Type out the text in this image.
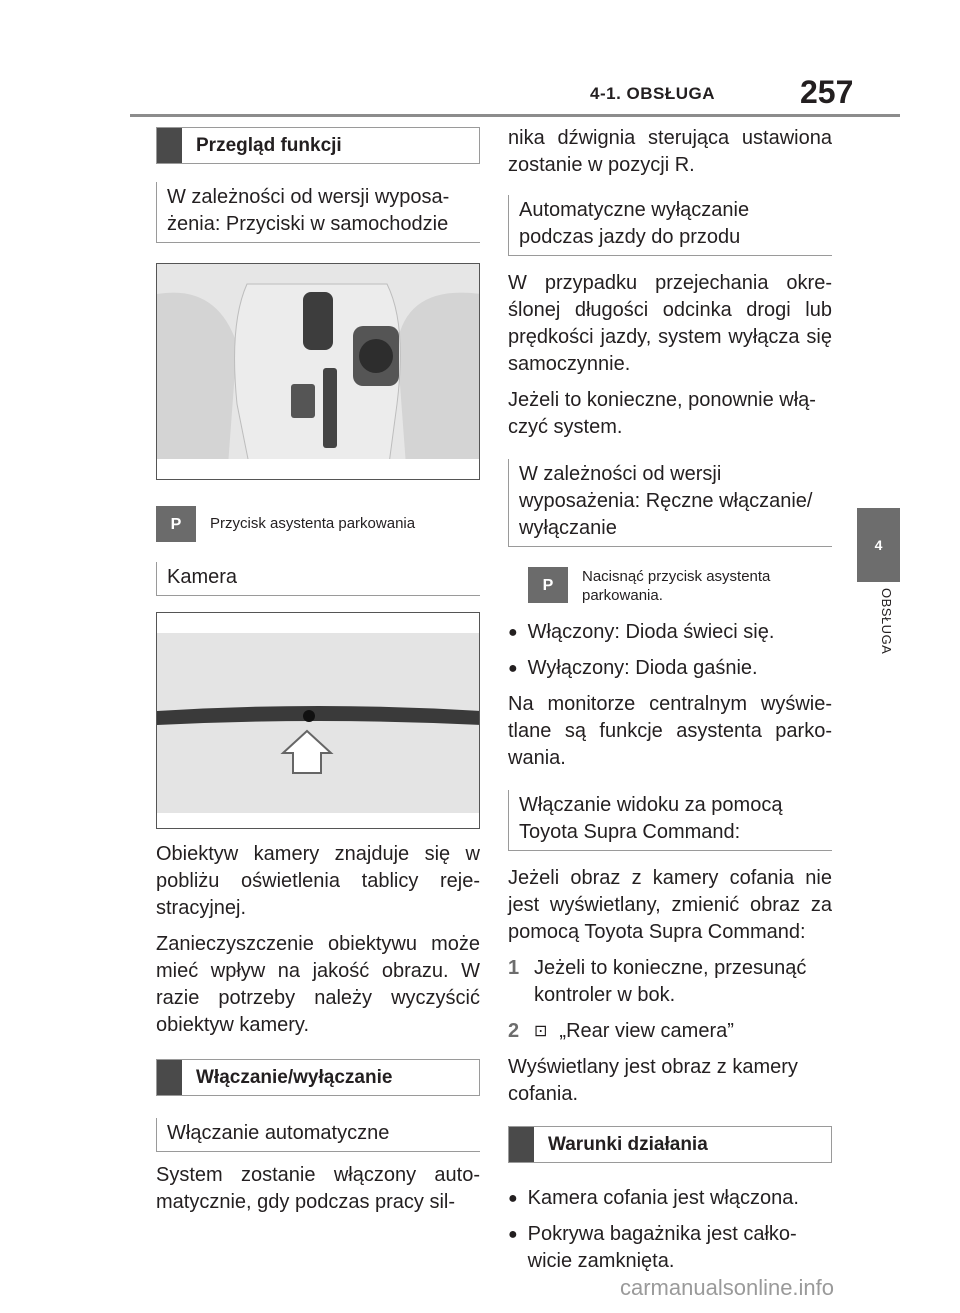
4-1. OBSŁUGA	257
4
OBSŁUGA
Przegląd funkcji
W zależności od wersji wyposa-
żenia: Przyciski w samochodzie
P	Przycisk asystenta parkowania
Kamera

Obiektyw kamery znajduje się w pobliżu oświetlenia tablicy reje-stracyjnej.

Zanieczyszczenie obiektywu może mieć wpływ na jakość obrazu. W razie potrzeby należy wyczyścić obiektyw kamery.

Włączanie/wyłączanie
Włączanie automatyczne

System zostanie włączony auto-matycznie, gdy podczas pracy sil-

nika dźwignia sterująca ustawiona zostanie w pozycji R.

Automatyczne wyłączanie
podczas jazdy do przodu

W przypadku przejechania okre-ślonej długości odcinka drogi lub prędkości jazdy, system wyłącza się samoczynnie.

Jeżeli to konieczne, ponownie włą-czyć system.

W zależności od wersji
wyposażenia: Ręczne włączanie/
wyłączanie
P	Nacisnąć przycisk asystenta parkowania.
● Włączony: Dioda świeci się.
● Wyłączony: Dioda gaśnie.

Na monitorze centralnym wyświe-tlane są funkcje asystenta parko-wania.

Włączanie widoku za pomocą
Toyota Supra Command:

Jeżeli obraz z kamery cofania nie jest wyświetlany, zmienić obraz za pomocą Toyota Supra Command:

1 Jeżeli to konieczne, przesunąć kontroler w bok.
2 ⊡ „Rear view camera”

Wyświetlany jest obraz z kamery cofania.

Warunki działania
● Kamera cofania jest włączona.
● Pokrywa bagażnika jest całko-wicie zamknięta.
carmanualsonline.info
